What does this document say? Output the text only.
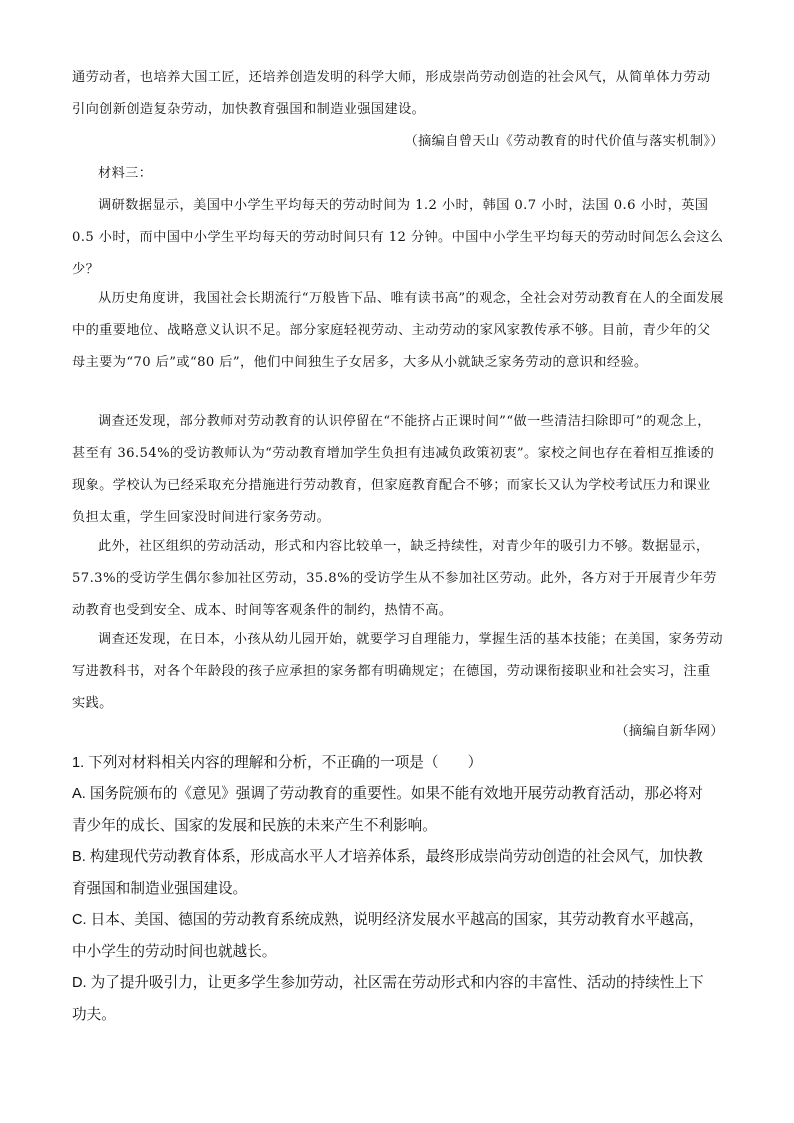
通劳动者，也培养大国工匠，还培养创造发明的科学大师，形成崇尚劳动创造的社会风气，从简单体力劳动引向创新创造复杂劳动，加快教育强国和制造业强国建设。

（摘编自曾天山《劳动教育的时代价值与落实机制》）

材料三：

调研数据显示，美国中小学生平均每天的劳动时间为 1.2 小时，韩国 0.7 小时，法国 0.6 小时，英国 0.5 小时，而中国中小学生平均每天的劳动时间只有 12 分钟。中国中小学生平均每天的劳动时间怎么会这么少？

从历史角度讲，我国社会长期流行“万般皆下品、唯有读书高”的观念，全社会对劳动教育在人的全面发展中的重要地位、战略意义认识不足。部分家庭轻视劳动、主动劳动的家风家教传承不够。目前，青少年的父母主要为“70 后”或“80 后”，他们中间独生子女居多，大多从小就缺乏家务劳动的意识和经验。

调查还发现，部分教师对劳动教育的认识停留在“不能挤占正课时间”“做一些清洁扫除即可”的观念上，甚至有 36.54%的受访教师认为“劳动教育增加学生负担有违减负政策初衷”。家校之间也存在着相互推诿的现象。学校认为已经采取充分措施进行劳动教育，但家庭教育配合不够；而家长又认为学校考试压力和课业负担太重，学生回家没时间进行家务劳动。

此外，社区组织的劳动活动，形式和内容比较单一，缺乏持续性，对青少年的吸引力不够。数据显示，57.3%的受访学生偶尔参加社区劳动，35.8%的受访学生从不参加社区劳动。此外，各方对于开展青少年劳动教育也受到安全、成本、时间等客观条件的制约，热情不高。

调查还发现，在日本，小孩从幼儿园开始，就要学习自理能力，掌握生活的基本技能；在美国，家务劳动写进教科书，对各个年龄段的孩子应承担的家务都有明确规定；在德国，劳动课衔接职业和社会实习，注重实践。

（摘编自新华网）

1. 下列对材料相关内容的理解和分析，不正确的一项是（　　）

A. 国务院颁布的《意见》强调了劳动教育的重要性。如果不能有效地开展劳动教育活动，那必将对青少年的成长、国家的发展和民族的未来产生不利影响。

B. 构建现代劳动教育体系，形成高水平人才培养体系，最终形成崇尚劳动创造的社会风气，加快教育强国和制造业强国建设。

C. 日本、美国、德国的劳动教育系统成熟，说明经济发展水平越高的国家，其劳动教育水平越高，中小学生的劳动时间也就越长。

D. 为了提升吸引力，让更多学生参加劳动，社区需在劳动形式和内容的丰富性、活动的持续性上下功夫。
